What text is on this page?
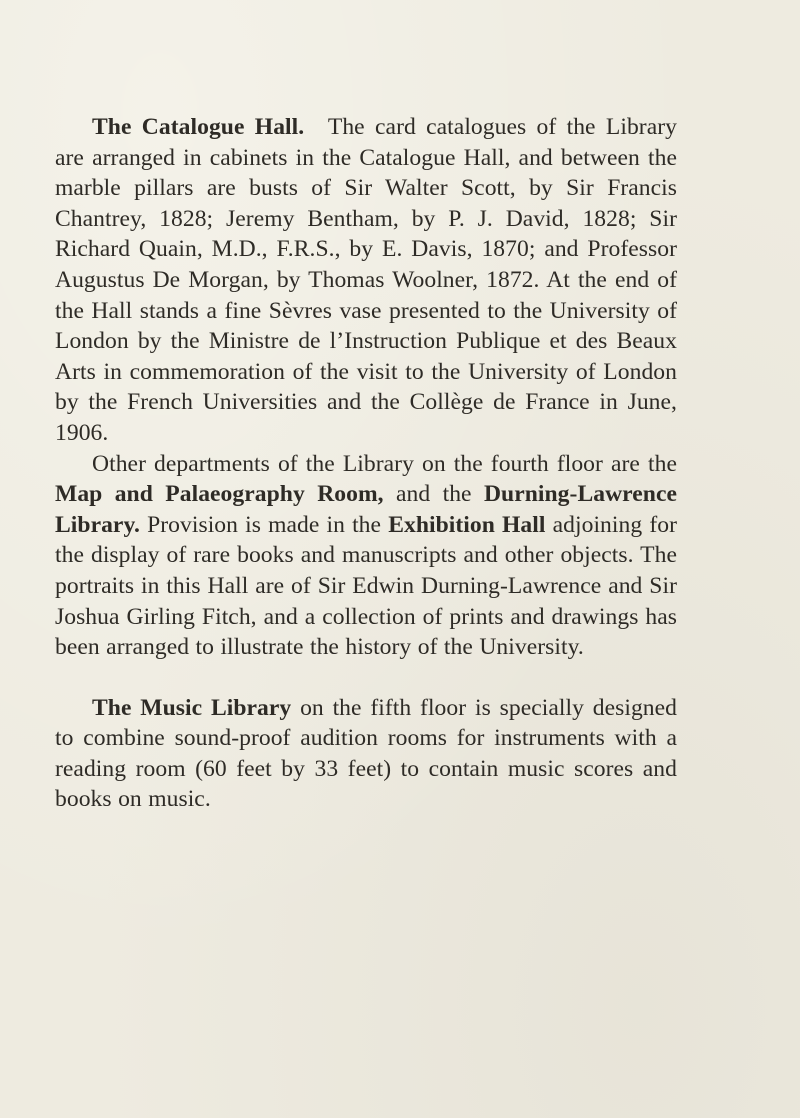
The Catalogue Hall.  The card catalogues of the Library are arranged in cabinets in the Catalogue Hall, and between the marble pillars are busts of Sir Walter Scott, by Sir Francis Chantrey, 1828; Jeremy Bentham, by P. J. David, 1828; Sir Richard Quain, M.D., F.R.S., by E. Davis, 1870; and Professor Augustus De Morgan, by Thomas Woolner, 1872. At the end of the Hall stands a fine Sèvres vase presented to the University of London by the Ministre de l’Instruction Publique et des Beaux Arts in commemoration of the visit to the University of London by the French Universities and the Collège de France in June, 1906.

Other departments of the Library on the fourth floor are the Map and Palaeography Room, and the Durning-Lawrence Library. Provision is made in the Exhibition Hall adjoining for the display of rare books and manuscripts and other objects. The portraits in this Hall are of Sir Edwin Durning-Lawrence and Sir Joshua Girling Fitch, and a collection of prints and drawings has been arranged to illustrate the history of the University.

The Music Library on the fifth floor is specially designed to combine sound-proof audition rooms for instruments with a reading room (60 feet by 33 feet) to contain music scores and books on music.
